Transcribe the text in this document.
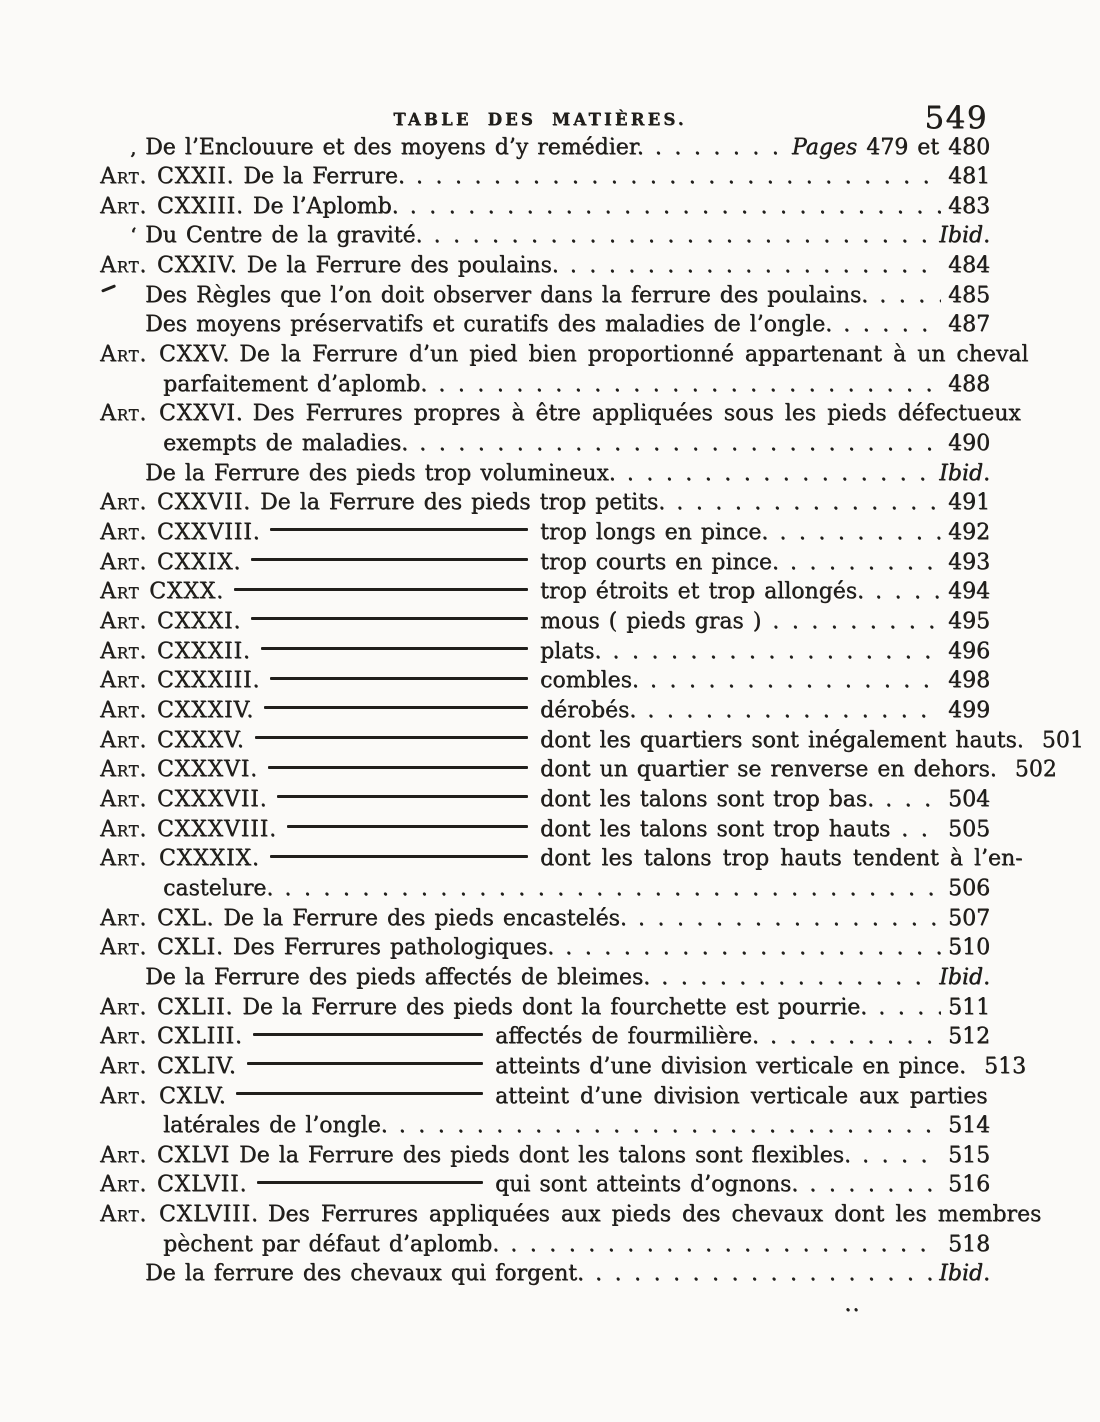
TABLE DES MATIÈRES.	549
, De l’Enclouure et des moyens d’y remédier. . . .	Pages 479 et 480
Art. CXXII. De la Ferrure. . . .	481
Art. CXXIII. De l’Aplomb. . . .	483
‘ Du Centre de la gravité. . . .	Ibid.
Art. CXXIV. De la Ferrure des poulains. . . .	484
Des Règles que l’on doit observer dans la ferrure des poulains. . . .	485
Des moyens préservatifs et curatifs des maladies de l’ongle. . . .	487
Art. CXXV. De la Ferrure d’un pied bien proportionné appartenant à un cheval
parfaitement d’aplomb. . . .	488
Art. CXXVI. Des Ferrures propres à être appliquées sous les pieds défectueux
exempts de maladies. . . .	490
De la Ferrure des pieds trop volumineux. . . .	Ibid.
Art. CXXVII. De la Ferrure des pieds trop petits. . . .	491
Art. CXXVIII.	trop longs en pince. . . .	492
Art. CXXIX.	trop courts en pince. . . .	493
Art CXXX.	trop étroits et trop allongés. . . .	494
Art. CXXXI.	mous ( pieds gras ) . . .	495
Art. CXXXII.	plats. . . .	496
Art. CXXXIII.	combles. . . .	498
Art. CXXXIV.	dérobés. . . .	499
Art. CXXXV.	dont les quartiers sont inégalement hauts. 501
Art. CXXXVI.	dont un quartier se renverse en dehors. 502
Art. CXXXVII.	dont les talons sont trop bas. . . .	504
Art. CXXXVIII.	dont les talons sont trop hauts . . .	505
Art. CXXXIX.	dont les talons trop hauts tendent à l’en-
castelure. . . .	506
Art. CXL. De la Ferrure des pieds encastelés. . . .	507
Art. CXLI. Des Ferrures pathologiques. . . .	510
De la Ferrure des pieds affectés de bleimes. . . .	Ibid.
Art. CXLII. De la Ferrure des pieds dont la fourchette est pourrie. . . .	511
Art. CXLIII.	affectés de fourmilière. . . .	512
Art. CXLIV.	atteints d’une division verticale en pince. 513
Art. CXLV.	atteint d’une division verticale aux parties
latérales de l’ongle. . . .	514
Art. CXLVI De la Ferrure des pieds dont les talons sont flexibles. . . .	515
Art. CXLVII.	qui sont atteints d’ognons. . . .	516
Art. CXLVIII. Des Ferrures appliquées aux pieds des chevaux dont les membres
pèchent par défaut d’aplomb. . . .	518
De la ferrure des chevaux qui forgent. . . .	Ibid.
..
